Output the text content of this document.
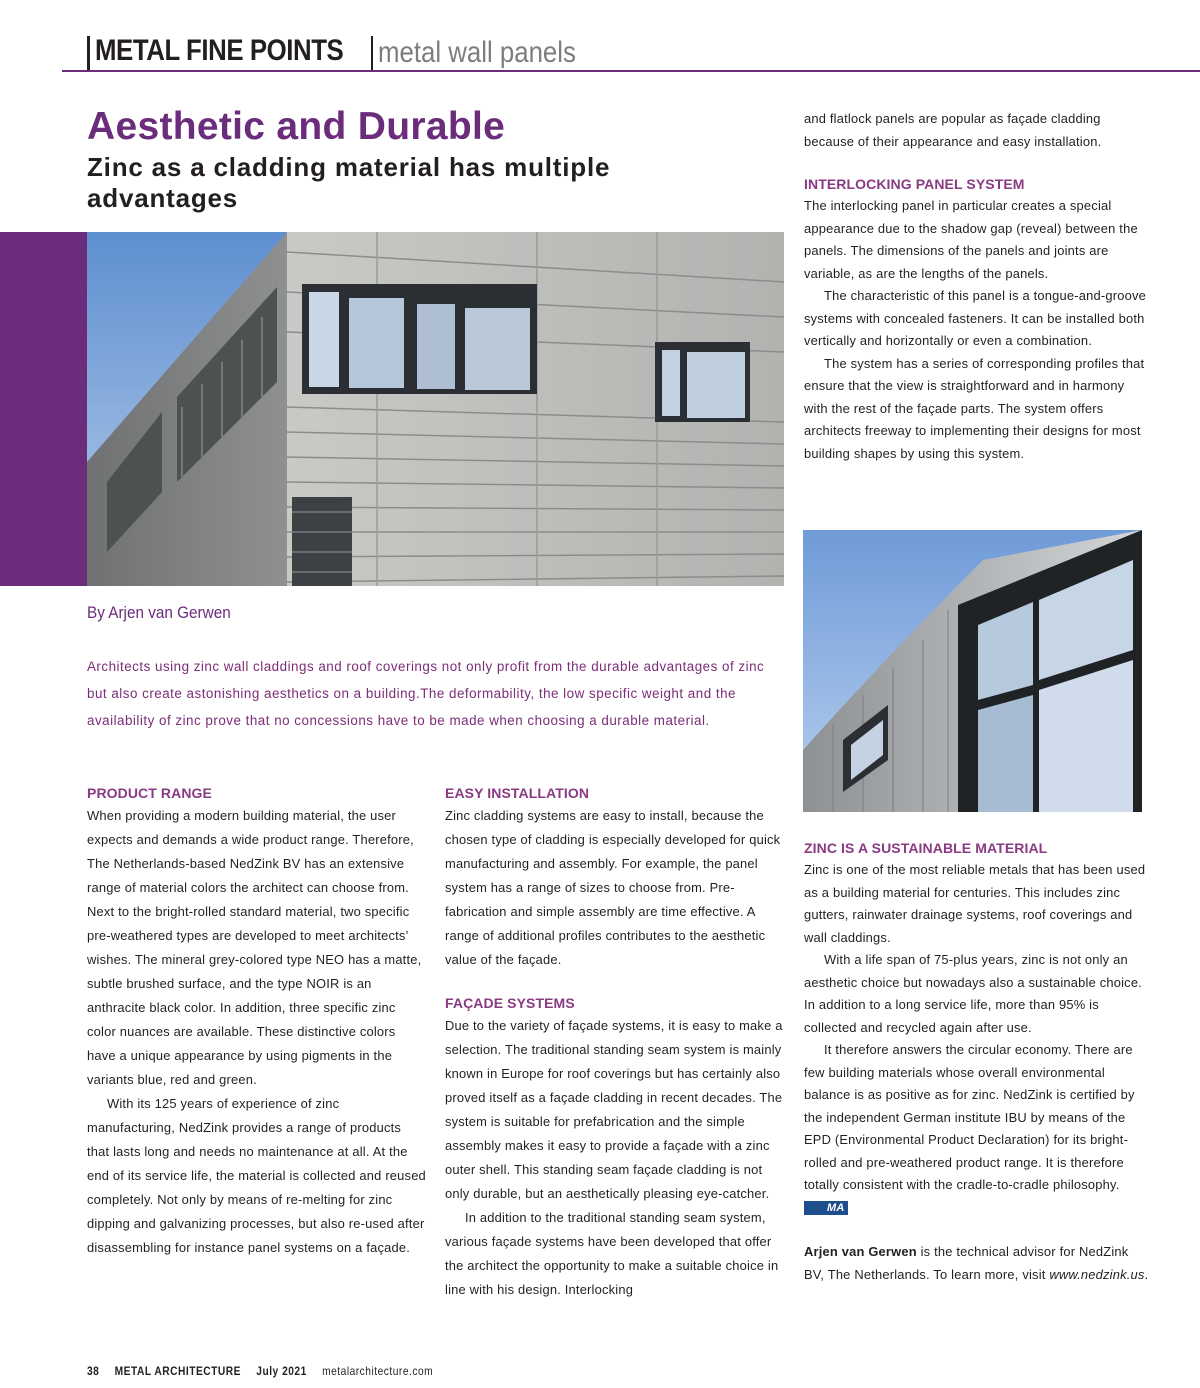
METAL FINE POINTS metal wall panels
Aesthetic and Durable
Zinc as a cladding material has multiple advantages
By Arjen van Gerwen
Architects using zinc wall claddings and roof coverings not only profit from the durable advantages of zinc but also create astonishing aesthetics on a building.The deformability, the low specific weight and the availability of zinc prove that no concessions have to be made when choosing a durable material.
PRODUCT RANGE

When providing a modern building material, the user expects and demands a wide product range. Therefore, The Netherlands-based NedZink BV has an extensive range of material colors the architect can choose from. Next to the bright-rolled standard material, two specific pre-weathered types are developed to meet architects’ wishes. The mineral grey-colored type NEO has a matte, subtle brushed surface, and the type NOIR is an anthracite black color. In addition, three specific zinc color nuances are available. These distinctive colors have a unique appearance by using pigments in the variants blue, red and green.

With its 125 years of experience of zinc manufacturing, NedZink provides a range of products that lasts long and needs no maintenance at all. At the end of its service life, the material is collected and reused completely. Not only by means of re-melting for zinc dipping and galvanizing processes, but also re-used after disassembling for instance panel systems on a façade.

EASY INSTALLATION

Zinc cladding systems are easy to install, because the chosen type of cladding is especially developed for quick manufacturing and assembly. For example, the panel system has a range of sizes to choose from. Pre-fabrication and simple assembly are time effective. A range of additional profiles contributes to the aesthetic value of the façade.

FAÇADE SYSTEMS

Due to the variety of façade systems, it is easy to make a selection. The traditional standing seam system is mainly known in Europe for roof coverings but has certainly also proved itself as a façade cladding in recent decades. The system is suitable for prefabrication and the simple assembly makes it easy to provide a façade with a zinc outer shell. This standing seam façade cladding is not only durable, but an aesthetically pleasing eye-catcher.

In addition to the traditional standing seam system, various façade systems have been developed that offer the architect the opportunity to make a suitable choice in line with his design. Interlocking

and flatlock panels are popular as façade cladding because of their appearance and easy installation.

INTERLOCKING PANEL SYSTEM

The interlocking panel in particular creates a special appearance due to the shadow gap (reveal) between the panels. The dimensions of the panels and joints are variable, as are the lengths of the panels.

The characteristic of this panel is a tongue-and-groove systems with concealed fasteners. It can be installed both vertically and horizontally or even a combination.

The system has a series of corresponding profiles that ensure that the view is straightforward and in harmony with the rest of the façade parts. The system offers architects freeway to implementing their designs for most building shapes by using this system.

ZINC IS A SUSTAINABLE MATERIAL

Zinc is one of the most reliable metals that has been used as a building material for centuries. This includes zinc gutters, rainwater drainage systems, roof coverings and wall claddings.

With a life span of 75-plus years, zinc is not only an aesthetic choice but nowadays also a sustainable choice. In addition to a long service life, more than 95% is collected and recycled again after use.

It therefore answers the circular economy. There are few building materials whose overall environmental balance is as positive as for zinc. NedZink is certified by the independent German institute IBU by means of the EPD (Environmental Product Declaration) for its bright-rolled and pre-weathered product range. It is therefore totally consistent with the cradle-to-cradle philosophy. MA

Arjen van Gerwen is the technical advisor for NedZink BV, The Netherlands. To learn more, visit www.nedzink.us.

38 METAL ARCHITECTURE July 2021 metalarchitecture.com
